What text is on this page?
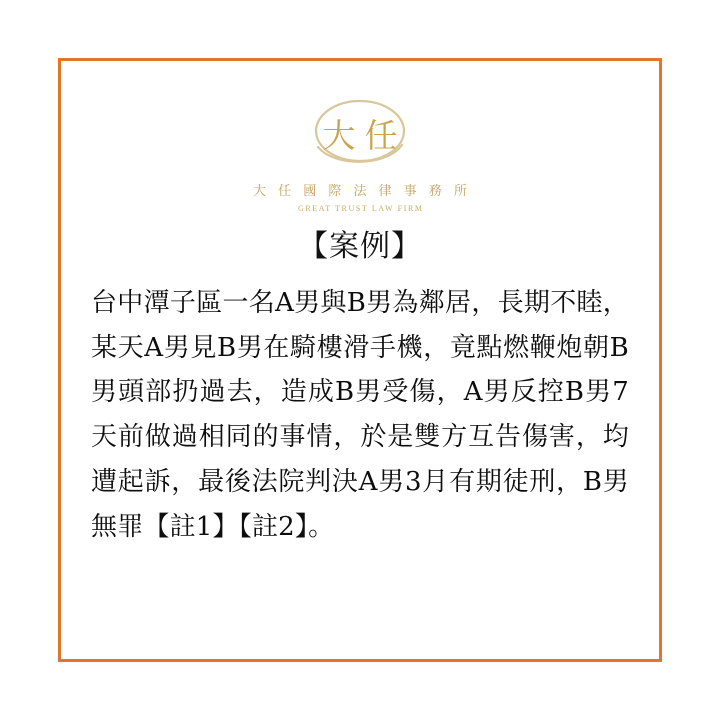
大任
大 任 國 際 法 律 事 務 所
GREAT TRUST LAW FIRM
【案例】
台中潭子區一名A男與B男為鄰居，長期不睦，某天A男見B男在騎樓滑手機，竟點燃鞭炮朝B男頭部扔過去，造成B男受傷，A男反控B男7天前做過相同的事情，於是雙方互告傷害，均遭起訴，最後法院判決A男3月有期徒刑，B男無罪【註1】【註2】。
